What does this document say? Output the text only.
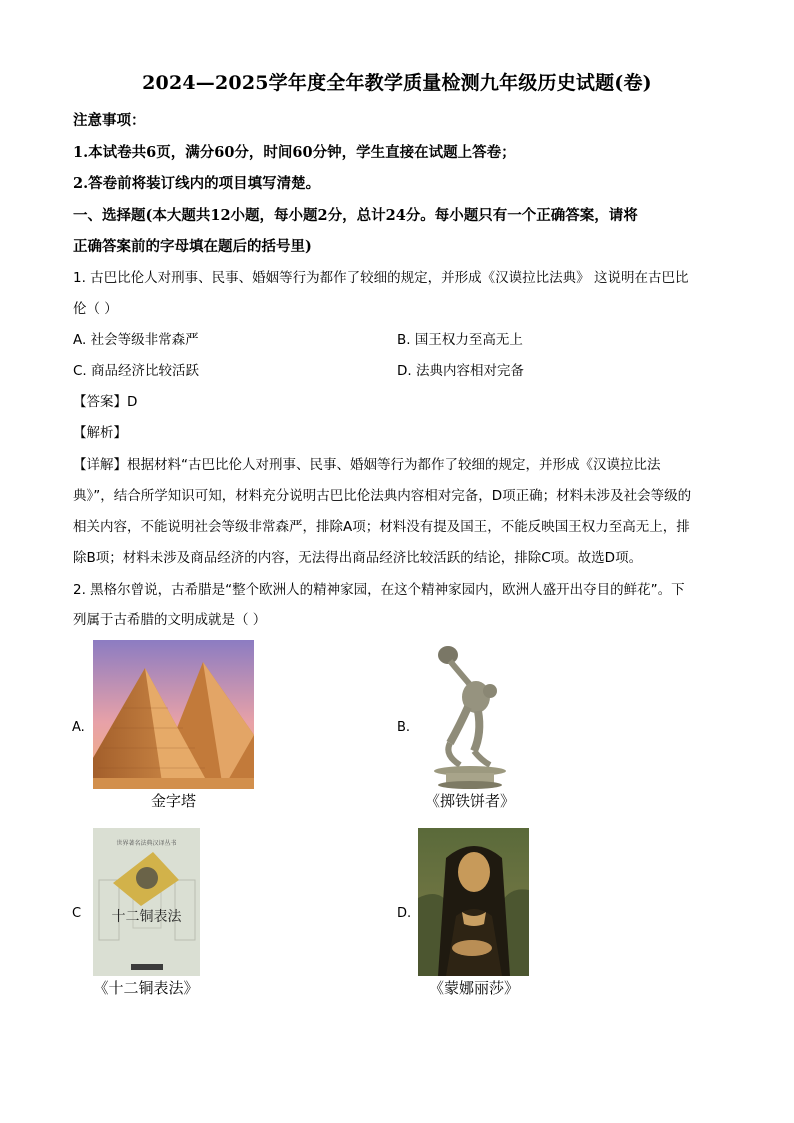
2024—2025学年度全年教学质量检测九年级历史试题(卷)
注意事项：
1.本试卷共6页，满分60分，时间60分钟，学生直接在试题上答卷；
2.答卷前将装订线内的项目填写清楚。
一、选择题(本大题共12小题，每小题2分，总计24分。每小题只有一个正确答案，请将
正确答案前的字母填在题后的括号里)
1. 古巴比伦人对刑事、民事、婚姻等行为都作了较细的规定，并形成《汉谟拉比法典》 这说明在古巴比
伦（ ）
A. 社会等级非常森严	B. 国王权力至高无上
C. 商品经济比较活跃	D. 法典内容相对完备
【答案】D
【解析】
【详解】根据材料“古巴比伦人对刑事、民事、婚姻等行为都作了较细的规定，并形成《汉谟拉比法
典》”，结合所学知识可知，材料充分说明古巴比伦法典内容相对完备，D项正确；材料未涉及社会等级的
相关内容，不能说明社会等级非常森严，排除A项；材料没有提及国王，不能反映国王权力至高无上，排
除B项；材料未涉及商品经济的内容，无法得出商品经济比较活跃的结论，排除C项。故选D项。
2. 黑格尔曾说，古希腊是“整个欧洲人的精神家园，在这个精神家园内，欧洲人盛开出夺目的鲜花”。下
列属于古希腊的文明成就是（ ）
A.
金字塔
B.
《掷铁饼者》
C
世界著名法典汉译丛书
十二铜表法
《十二铜表法》
D.
《蒙娜丽莎》
